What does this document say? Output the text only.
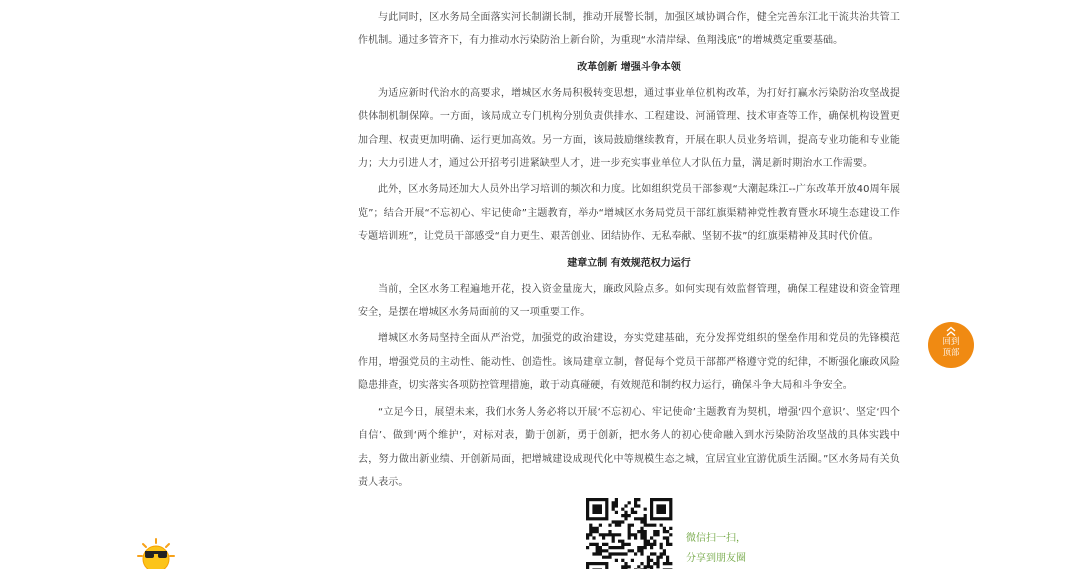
与此同时，区水务局全面落实河长制湖长制，推动开展警长制，加强区域协调合作，健全完善东江北干流共治共管工作机制。通过多管齐下，有力推动水污染防治上新台阶，为重现“水清岸绿、鱼翔浅底”的增城奠定重要基础。

改革创新 增强斗争本领

为适应新时代治水的高要求，增城区水务局积极转变思想，通过事业单位机构改革，为打好打赢水污染防治攻坚战提供体制机制保障。一方面，该局成立专门机构分别负责供排水、工程建设、河涌管理、技术审查等工作，确保机构设置更加合理、权责更加明确、运行更加高效。另一方面，该局鼓励继续教育，开展在职人员业务培训，提高专业功能和专业能力；大力引进人才，通过公开招考引进紧缺型人才，进一步充实事业单位人才队伍力量，满足新时期治水工作需要。

此外，区水务局还加大人员外出学习培训的频次和力度。比如组织党员干部参观“大潮起珠江--广东改革开放40周年展览”；结合开展“不忘初心、牢记使命”主题教育，举办“增城区水务局党员干部红旗渠精神党性教育暨水环境生态建设工作专题培训班”，让党员干部感受“自力更生、艰苦创业、团结协作、无私奉献、坚韧不拔”的红旗渠精神及其时代价值。

建章立制 有效规范权力运行

当前，全区水务工程遍地开花，投入资金量庞大，廉政风险点多。如何实现有效监督管理，确保工程建设和资金管理安全，是摆在增城区水务局面前的又一项重要工作。

增城区水务局坚持全面从严治党，加强党的政治建设，夯实党建基础，充分发挥党组织的堡垒作用和党员的先锋模范作用，增强党员的主动性、能动性、创造性。该局建章立制，督促每个党员干部都严格遵守党的纪律，不断强化廉政风险隐患排查，切实落实各项防控管理措施，敢于动真碰硬，有效规范和制约权力运行，确保斗争大局和斗争安全。

“立足今日，展望未来，我们水务人务必将以开展‘不忘初心、牢记使命’主题教育为契机，增强‘四个意识’、坚定‘四个自信’、做到‘两个维护’，对标对表，勤于创新，勇于创新，把水务人的初心使命融入到水污染防治攻坚战的具体实践中去，努力做出新业绩、开创新局面，把增城建设成现代化中等规模生态之城，宜居宜业宜游优质生活圈。”区水务局有关负责人表示。

回到
顶部
微信扫一扫，
分享到朋友圈
